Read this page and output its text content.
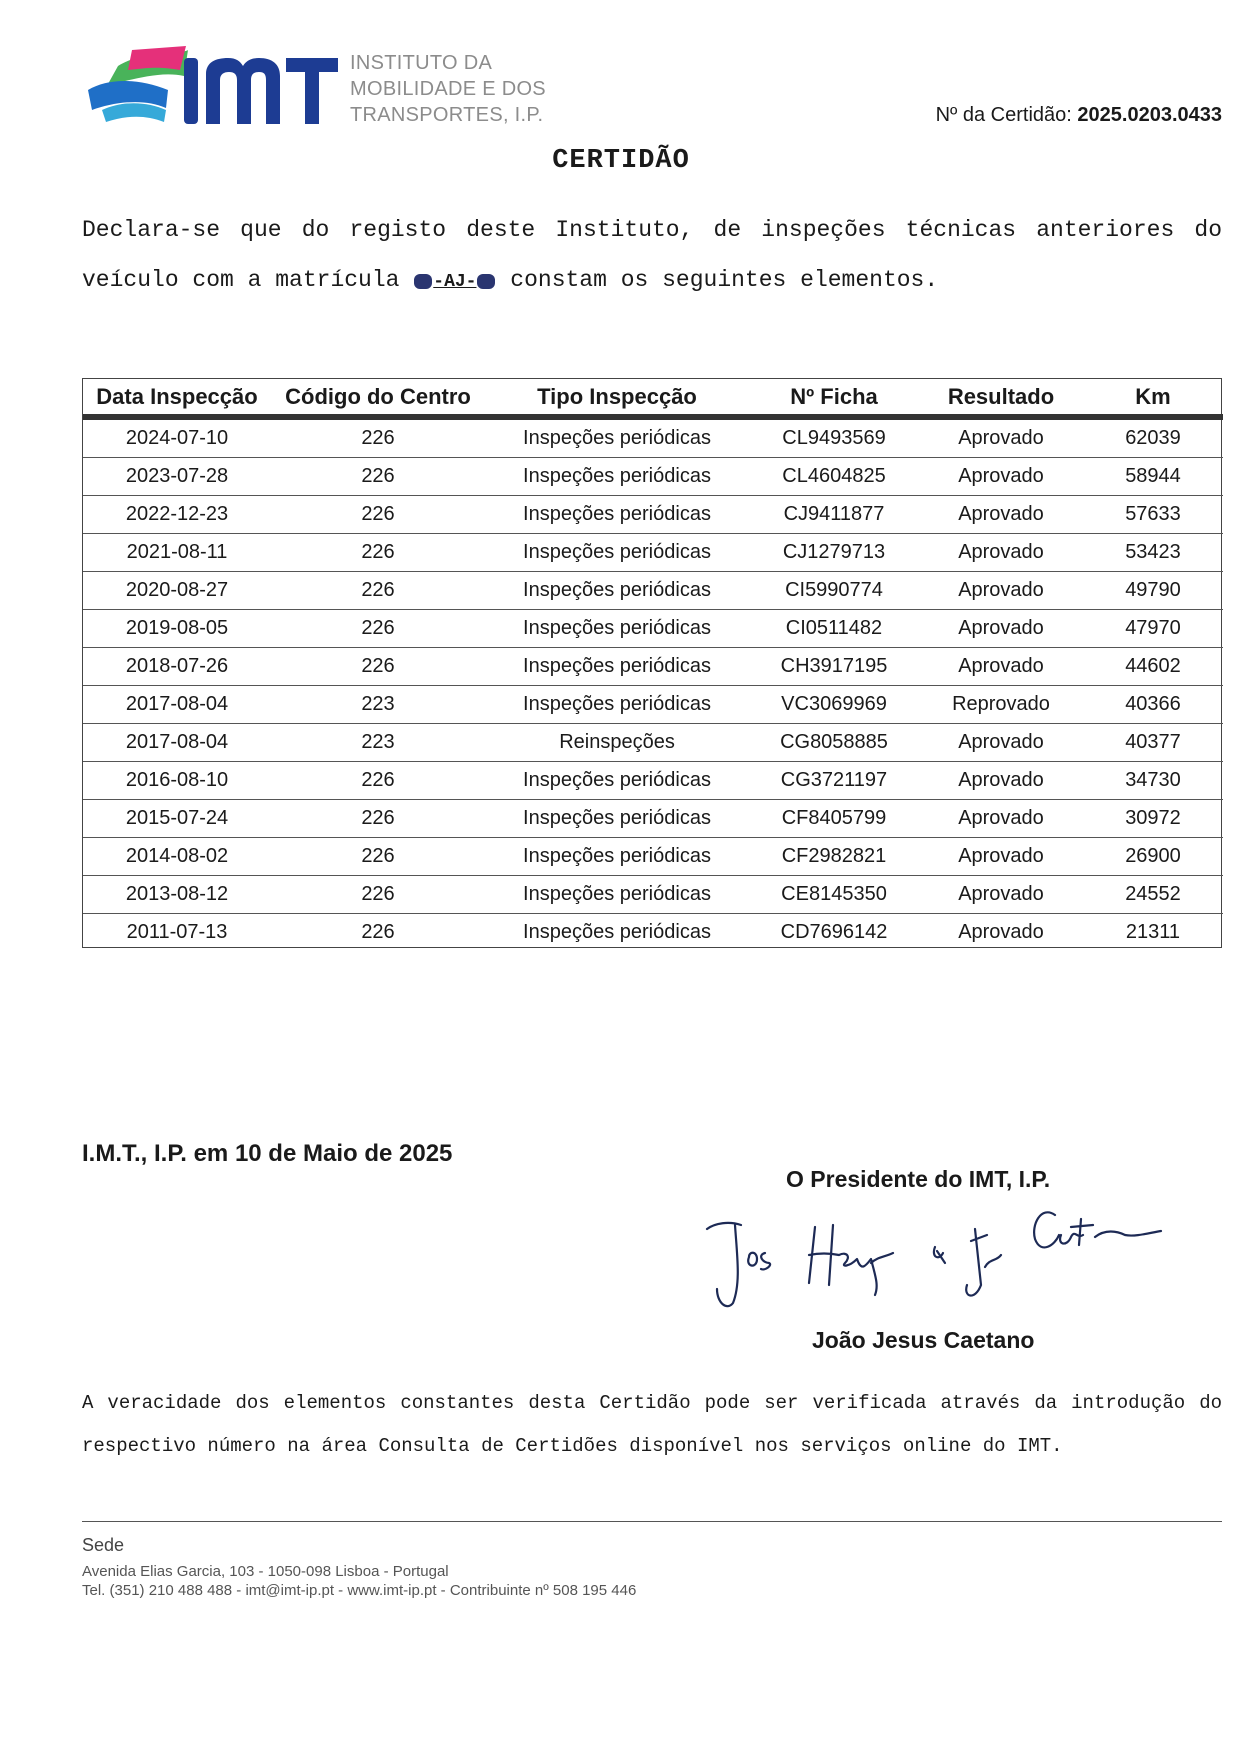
INSTITUTO DA
MOBILIDADE E DOS
TRANSPORTES, I.P.	Nº da Certidão: 2025.0203.0433
CERTIDÃO
Declara-se que do registo deste Instituto, de inspeções técnicas anteriores do veículo com a matrícula -AJ- constam os seguintes elementos.
Data Inspecção	Código do Centro	Tipo Inspecção	Nº Ficha	Resultado	Km
2024-07-10	226	Inspeções periódicas	CL9493569	Aprovado	62039
2023-07-28	226	Inspeções periódicas	CL4604825	Aprovado	58944
2022-12-23	226	Inspeções periódicas	CJ9411877	Aprovado	57633
2021-08-11	226	Inspeções periódicas	CJ1279713	Aprovado	53423
2020-08-27	226	Inspeções periódicas	CI5990774	Aprovado	49790
2019-08-05	226	Inspeções periódicas	CI0511482	Aprovado	47970
2018-07-26	226	Inspeções periódicas	CH3917195	Aprovado	44602
2017-08-04	223	Inspeções periódicas	VC3069969	Reprovado	40366
2017-08-04	223	Reinspeções	CG8058885	Aprovado	40377
2016-08-10	226	Inspeções periódicas	CG3721197	Aprovado	34730
2015-07-24	226	Inspeções periódicas	CF8405799	Aprovado	30972
2014-08-02	226	Inspeções periódicas	CF2982821	Aprovado	26900
2013-08-12	226	Inspeções periódicas	CE8145350	Aprovado	24552
2011-07-13	226	Inspeções periódicas	CD7696142	Aprovado	21311
I.M.T., I.P. em 10 de Maio de 2025
O Presidente do IMT, I.P.
João Jesus Caetano
A veracidade dos elementos constantes desta Certidão pode ser verificada através da introdução do respectivo número na área Consulta de Certidões disponível nos serviços online do IMT.
Sede
Avenida Elias Garcia, 103 - 1050-098 Lisboa - Portugal
Tel. (351) 210 488 488 - imt@imt-ip.pt - www.imt-ip.pt - Contribuinte nº 508 195 446
